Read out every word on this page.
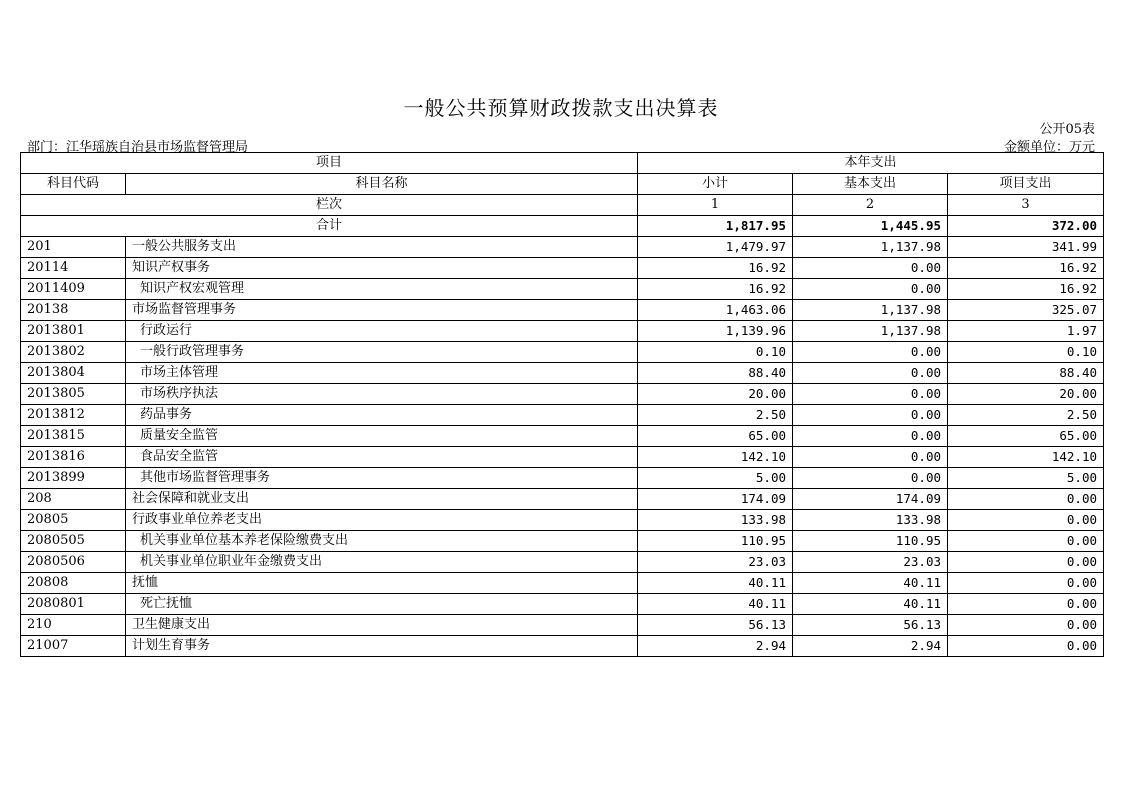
一般公共预算财政拨款支出决算表
公开05表
部门：江华瑶族自治县市场监督管理局	金额单位：万元
项目		本年支出		
科目代码	科目名称	小计	基本支出	项目支出
栏次		1	2	3
合计		1,817.95	1,445.95	372.00
201	一般公共服务支出	1,479.97	1,137.98	341.99
20114	知识产权事务	16.92	0.00	16.92
2011409	知识产权宏观管理	16.92	0.00	16.92
20138	市场监督管理事务	1,463.06	1,137.98	325.07
2013801	行政运行	1,139.96	1,137.98	1.97
2013802	一般行政管理事务	0.10	0.00	0.10
2013804	市场主体管理	88.40	0.00	88.40
2013805	市场秩序执法	20.00	0.00	20.00
2013812	药品事务	2.50	0.00	2.50
2013815	质量安全监管	65.00	0.00	65.00
2013816	食品安全监管	142.10	0.00	142.10
2013899	其他市场监督管理事务	5.00	0.00	5.00
208	社会保障和就业支出	174.09	174.09	0.00
20805	行政事业单位养老支出	133.98	133.98	0.00
2080505	机关事业单位基本养老保险缴费支出	110.95	110.95	0.00
2080506	机关事业单位职业年金缴费支出	23.03	23.03	0.00
20808	抚恤	40.11	40.11	0.00
2080801	死亡抚恤	40.11	40.11	0.00
210	卫生健康支出	56.13	56.13	0.00
21007	计划生育事务	2.94	2.94	0.00
